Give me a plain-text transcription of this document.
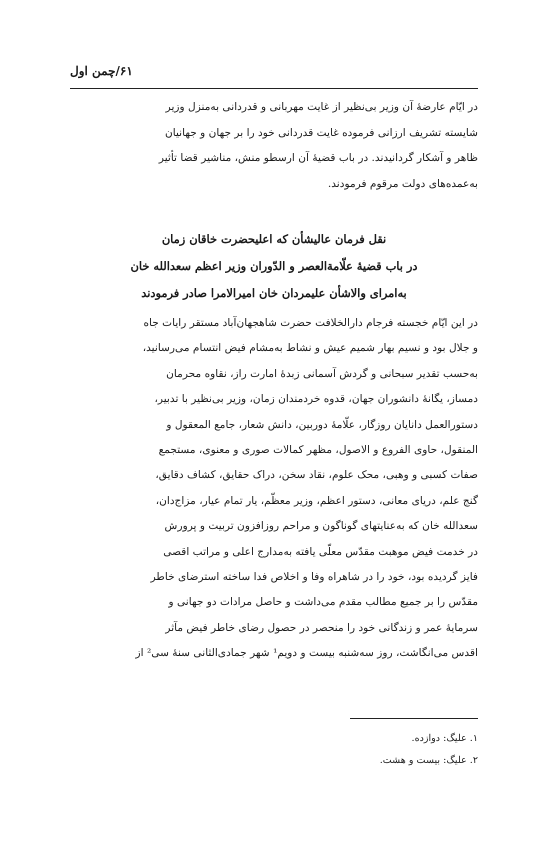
۶۱/چمن اول
در ایّام عارضهٔ آن وزیر بی‌نظیر از غایت مهربانی و قدردانی به‌منزل وزیر
شایسته تشریف ارزانی فرموده غایت قدردانی خود را بر جهان و جهانیان
ظاهر و آشکار گردانیدند. در باب قضیهٔ آن ارسطو منش، مناشیر قضا تأثیر
به‌عمده‌های دولت مرقوم فرمودند.
نقل فرمان عالیشأن که اعلیحضرت خاقان زمان
در باب قضیهٔ علّامةالعصر و الدّوران وزیر اعظم سعدالله خان
به‌امرای والاشأن علیمردان خان امیرالامرا صادر فرمودند
در این ایّام خجسته فرجام دارالخلافت حضرت شاهجهان‌آباد مستقر رایات جاه
و جلال بود و نسیم بهار شمیم عیش و نشاط به‌مشام فیض انتسام می‌رسانید،
به‌حسب تقدیر سبحانی و گردش آسمانی زبدهٔ امارت راز، نقاوه محرمان
دمساز، یگانهٔ دانشوران جهان، قدوه خردمندان زمان، وزیر بی‌نظیر با تدبیر،
دستورالعمل دانایان روزگار، علّامهٔ دوربین، دانش شعار، جامع المعقول و
المنقول، حاوی الفروع و الاصول، مظهر کمالات صوری و معنوی، مستجمع
صفات کسبی و وهبی، محک علوم، نقاد سخن، دراک حقایق، کشاف دقایق،
گنج علم، دریای معانی، دستور اعظم، وزیر معظّم، یار تمام عیار، مزاج‌دان،
سعدالله خان که به‌عنایتهای گوناگون و مراحم روزافزون تربیت و پرورش
در خدمت فیض موهبت مقدّس معلّی یافته به‌مدارج اعلی و مراتب اقصی
فایز گردیده بود، خود را در شاهراه وفا و اخلاص فدا ساخته استرضای خاطر
مقدّس را بر جمیع مطالب مقدم می‌داشت و حاصل مرادات دو جهانی و
سرمایهٔ عمر و زندگانی خود را منحصر در حصول رضای خاطر فیض مآثر
اقدس می‌انگاشت، روز سه‌شنبه بیست و دویم¹ شهر جمادی‌الثانی سنهٔ سی² از
۱. علیگ: دوازده.
۲. علیگ: بیست و هشت.
